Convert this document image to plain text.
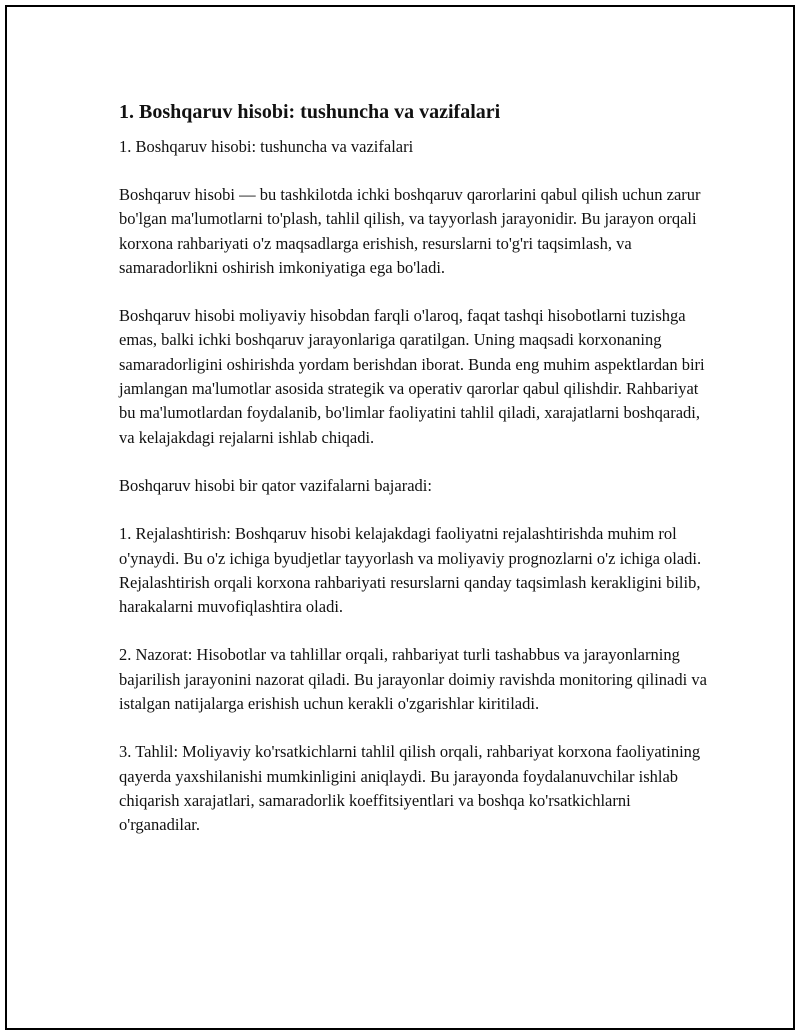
1. Boshqaruv hisobi: tushuncha va vazifalari

1. Boshqaruv hisobi: tushuncha va vazifalari

Boshqaruv hisobi — bu tashkilotda ichki boshqaruv qarorlarini qabul qilish uchun zarur bo'lgan ma'lumotlarni to'plash, tahlil qilish, va tayyorlash jarayonidir. Bu jarayon orqali korxona rahbariyati o'z maqsadlarga erishish, resurslarni to'g'ri taqsimlash, va samaradorlikni oshirish imkoniyatiga ega bo'ladi.

Boshqaruv hisobi moliyaviy hisobdan farqli o'laroq, faqat tashqi hisobotlarni tuzishga emas, balki ichki boshqaruv jarayonlariga qaratilgan. Uning maqsadi korxonaning samaradorligini oshirishda yordam berishdan iborat. Bunda eng muhim aspektlardan biri jamlangan ma'lumotlar asosida strategik va operativ qarorlar qabul qilishdir. Rahbariyat bu ma'lumotlardan foydalanib, bo'limlar faoliyatini tahlil qiladi, xarajatlarni boshqaradi, va kelajakdagi rejalarni ishlab chiqadi.

Boshqaruv hisobi bir qator vazifalarni bajaradi:

1. Rejalashtirish: Boshqaruv hisobi kelajakdagi faoliyatni rejalashtirishda muhim rol o'ynaydi. Bu o'z ichiga byudjetlar tayyorlash va moliyaviy prognozlarni o'z ichiga oladi. Rejalashtirish orqali korxona rahbariyati resurslarni qanday taqsimlash kerakligini bilib, harakalarni muvofiqlashtira oladi.

2. Nazorat: Hisobotlar va tahlillar orqali, rahbariyat turli tashabbus va jarayonlarning bajarilish jarayonini nazorat qiladi. Bu jarayonlar doimiy ravishda monitoring qilinadi va istalgan natijalarga erishish uchun kerakli o'zgarishlar kiritiladi.

3. Tahlil: Moliyaviy ko'rsatkichlarni tahlil qilish orqali, rahbariyat korxona faoliyatining qayerda yaxshilanishi mumkinligini aniqlaydi. Bu jarayonda foydalanuvchilar ishlab chiqarish xarajatlari, samaradorlik koeffitsiyentlari va boshqa ko'rsatkichlarni o'rganadilar.
